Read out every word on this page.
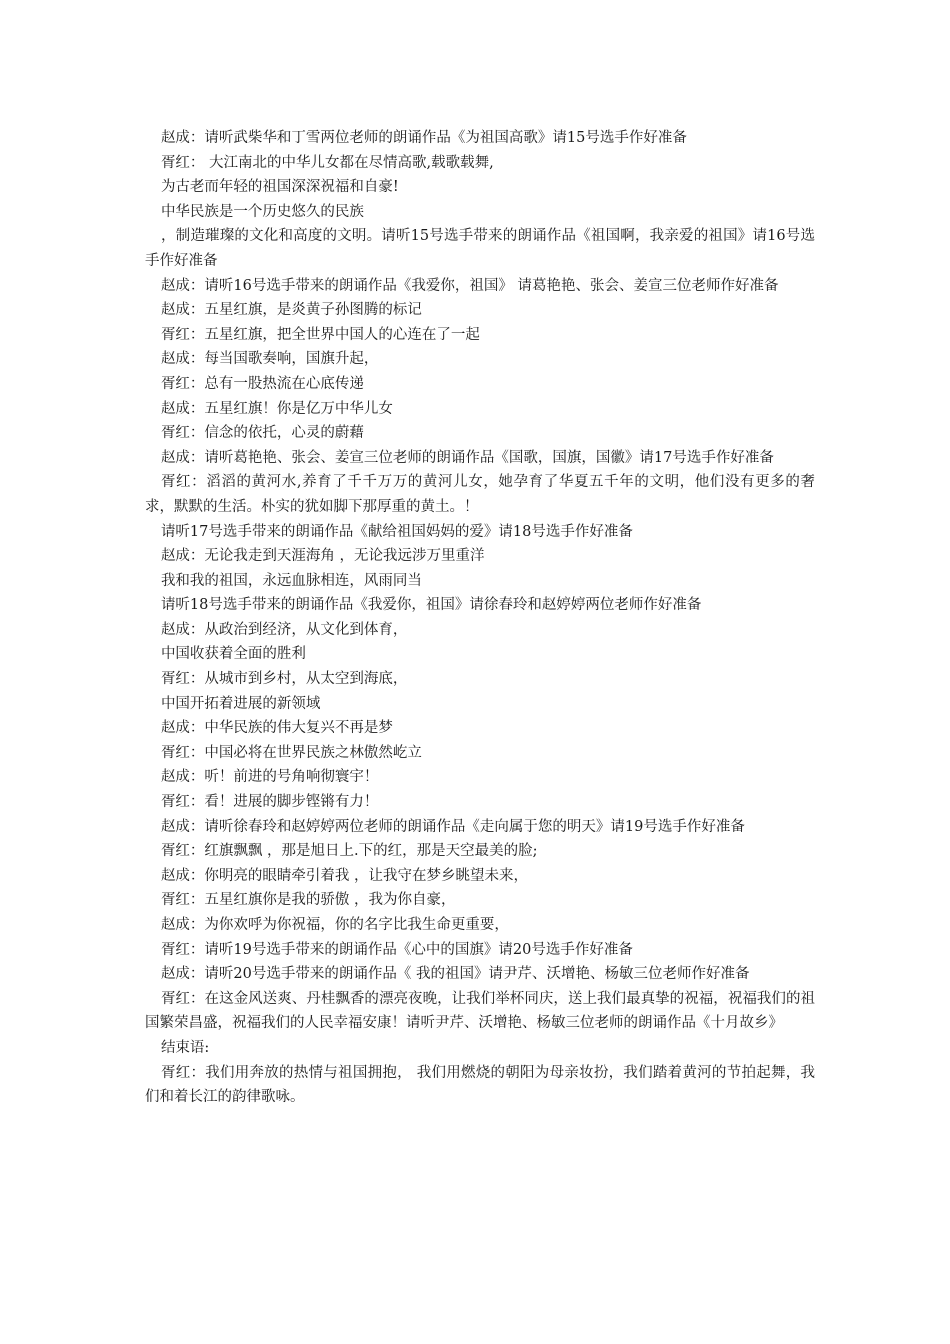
赵成：请听武柴华和丁雪两位老师的朗诵作品《为祖国高歌》请15号选手作好准备

胥红： 大江南北的中华儿女都在尽情高歌,载歌载舞,

为古老而年轻的祖国深深祝福和自豪!

中华民族是一个历史悠久的民族

，制造璀璨的文化和高度的文明。请听15号选手带来的朗诵作品《祖国啊，我亲爱的祖国》请16号选手作好准备

赵成：请听16号选手带来的朗诵作品《我爱你，祖国》 请葛艳艳、张会、姜宣三位老师作好准备

赵成：五星红旗，是炎黄子孙图腾的标记

胥红：五星红旗，把全世界中国人的心连在了一起

赵成：每当国歌奏响，国旗升起，

胥红：总有一股热流在心底传递

赵成：五星红旗！你是亿万中华儿女

胥红：信念的依托，心灵的蔚藉

赵成：请听葛艳艳、张会、姜宣三位老师的朗诵作品《国歌，国旗，国徽》请17号选手作好准备

胥红：滔滔的黄河水,养育了千千万万的黄河儿女，她孕育了华夏五千年的文明，他们没有更多的奢求，默默的生活。朴实的犹如脚下那厚重的黄土。！

请听17号选手带来的朗诵作品《献给祖国妈妈的爱》请18号选手作好准备

赵成：无论我走到天涯海角 ，无论我远涉万里重洋

我和我的祖国，永远血脉相连，风雨同当

请听18号选手带来的朗诵作品《我爱你，祖国》请徐春玲和赵婷婷两位老师作好准备

赵成：从政治到经济，从文化到体育，

中国收获着全面的胜利

胥红：从城市到乡村，从太空到海底，

中国开拓着进展的新领域

赵成：中华民族的伟大复兴不再是梦

胥红：中国必将在世界民族之林傲然屹立

赵成：听！前进的号角响彻寰宇！

胥红：看！进展的脚步铿锵有力！

赵成：请听徐春玲和赵婷婷两位老师的朗诵作品《走向属于您的明天》请19号选手作好准备

胥红：红旗飘飘 ，那是旭日上.下的红，那是天空最美的脸;

赵成：你明亮的眼睛牵引着我 ，让我守在梦乡眺望未来，

胥红：五星红旗你是我的骄傲 ，我为你自豪，

赵成：为你欢呼为你祝福，你的名字比我生命更重要，

胥红：请听19号选手带来的朗诵作品《心中的国旗》请20号选手作好准备

赵成：请听20号选手带来的朗诵作品《 我的祖国》请尹芹、沃增艳、杨敏三位老师作好准备

胥红：在这金风送爽、丹桂飘香的漂亮夜晚，让我们举杯同庆，送上我们最真挚的祝福，祝福我们的祖国繁荣昌盛，祝福我们的人民幸福安康！请听尹芹、沃增艳、杨敏三位老师的朗诵作品《十月故乡》

结束语:

胥红：我们用奔放的热情与祖国拥抱， 我们用燃烧的朝阳为母亲妆扮，我们踏着黄河的节拍起舞，我们和着长江的韵律歌咏。
